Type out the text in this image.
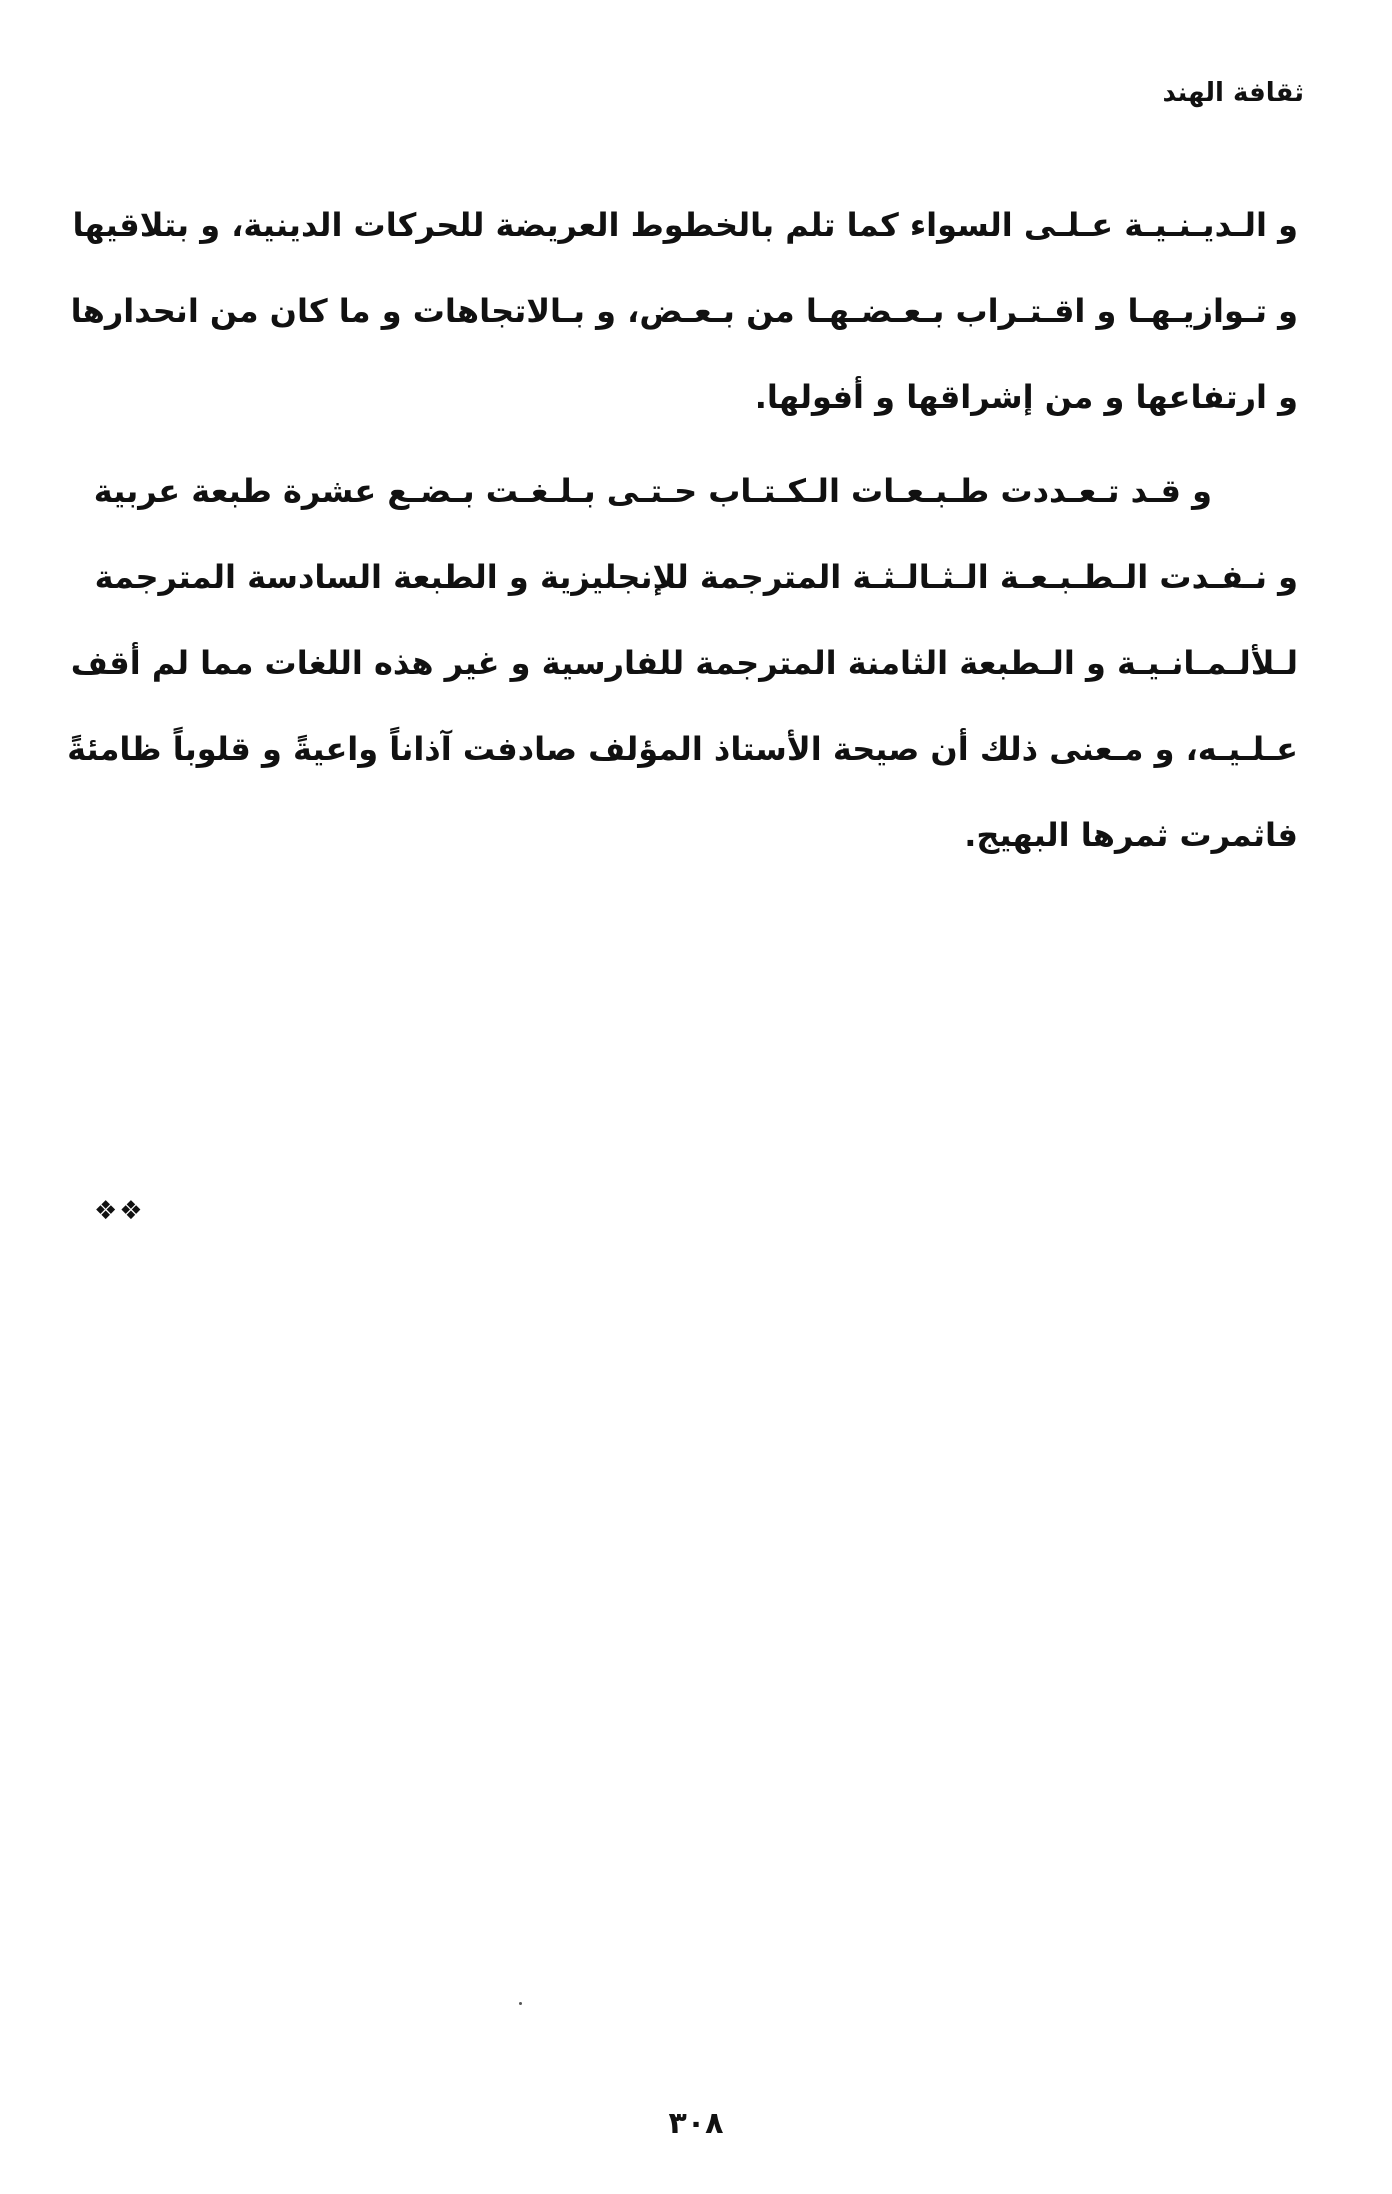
ثقافة الهند
و الـديـنـيـة عـلـى السواء كما تلم بالخطوط العريضة للحركات الدينية، و بتلاقيها
و تـوازيـهـا و اقـتـراب بـعـضـهـا من بـعـض، و بـالاتجاهات و ما كان من انحدارها
و ارتفاعها و من إشراقها و أفولها.
و قـد تـعـددت طـبـعـات الـكـتـاب حـتـى بـلـغـت بـضـع عشرة طبعة عربية
و نـفـدت الـطـبـعـة الـثـالـثـة المترجمة للإنجليزية و الطبعة السادسة المترجمة
لـلألـمـانـيـة و الـطبعة الثامنة المترجمة للفارسية و غير هذه اللغات مما لم أقف
عـلـيـه، و مـعنى ذلك أن صيحة الأستاذ المؤلف صادفت آذاناً واعيةً و قلوباً ظامئةً
فاثمرت ثمرها البهيج.
❖❖
٣٠٨
